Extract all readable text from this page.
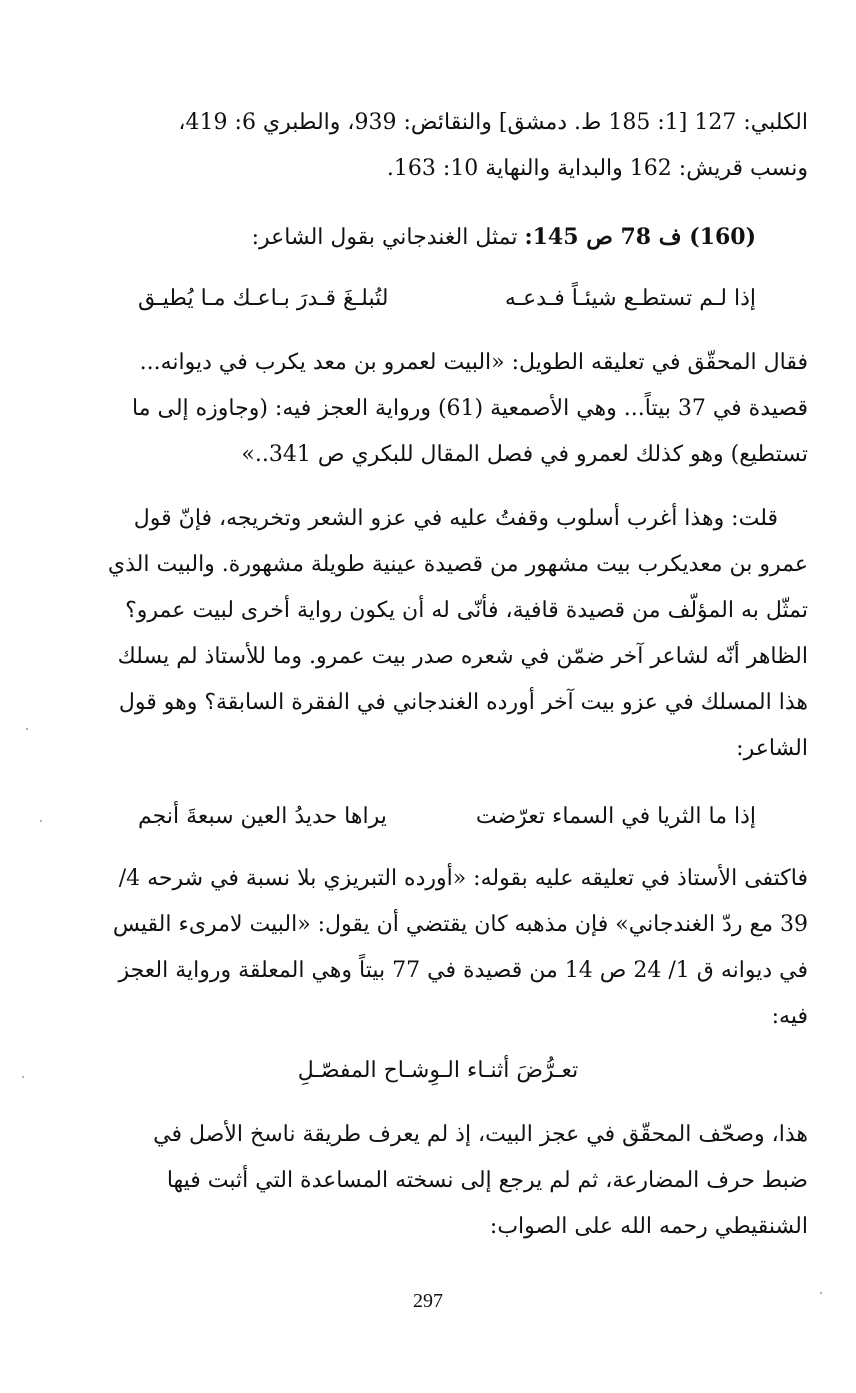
الكلبي: 127 [1: 185 ط. دمشق] والنقائض: 939، والطبري 6: 419،
ونسب قريش: 162 والبداية والنهاية 10: 163.
(160) ف 78 ص 145: تمثل الغندجاني بقول الشاعر:
إذا لـم تستطـع شيئـاً فـدعـه
لتُبلـغَ قـدرَ بـاعـك مـا يُطيـق
فقال المحقّق في تعليقه الطويل: «البيت لعمرو بن معد يكرب في ديوانه...
قصيدة في 37 بيتاً... وهي الأصمعية (61) ورواية العجز فيه: (وجاوزه إلى ما
تستطيع) وهو كذلك لعمرو في فصل المقال للبكري ص 341..»
قلت: وهذا أغرب أسلوب وقفتُ عليه في عزو الشعر وتخريجه، فإنّ قول
عمرو بن معديكرب بيت مشهور من قصيدة عينية طويلة مشهورة. والبيت الذي
تمثّل به المؤلّف من قصيدة قافية، فأنّى له أن يكون رواية أخرى لبيت عمرو؟
الظاهر أنّه لشاعر آخر ضمّن في شعره صدر بيت عمرو. وما للأستاذ لم يسلك
هذا المسلك في عزو بيت آخر أورده الغندجاني في الفقرة السابقة؟ وهو قول
الشاعر:
إذا ما الثريا في السماء تعرّضت
يراها حديدُ العين سبعةَ أنجم
فاكتفى الأستاذ في تعليقه عليه بقوله: «أورده التبريزي بلا نسبة في شرحه 4/
39 مع ردّ الغندجاني» فإن مذهبه كان يقتضي أن يقول: «البيت لامرىء القيس
في ديوانه ق 1/ 24 ص 14 من قصيدة في 77 بيتاً وهي المعلقة ورواية العجز
فيه:
تعـرُّضَ أثنـاء الـوِشـاح المفصّـلِ
هذا، وصحّف المحقّق في عجز البيت، إذ لم يعرف طريقة ناسخ الأصل في
ضبط حرف المضارعة، ثم لم يرجع إلى نسخته المساعدة التي أثبت فيها
الشنقيطي رحمه الله على الصواب:
297
